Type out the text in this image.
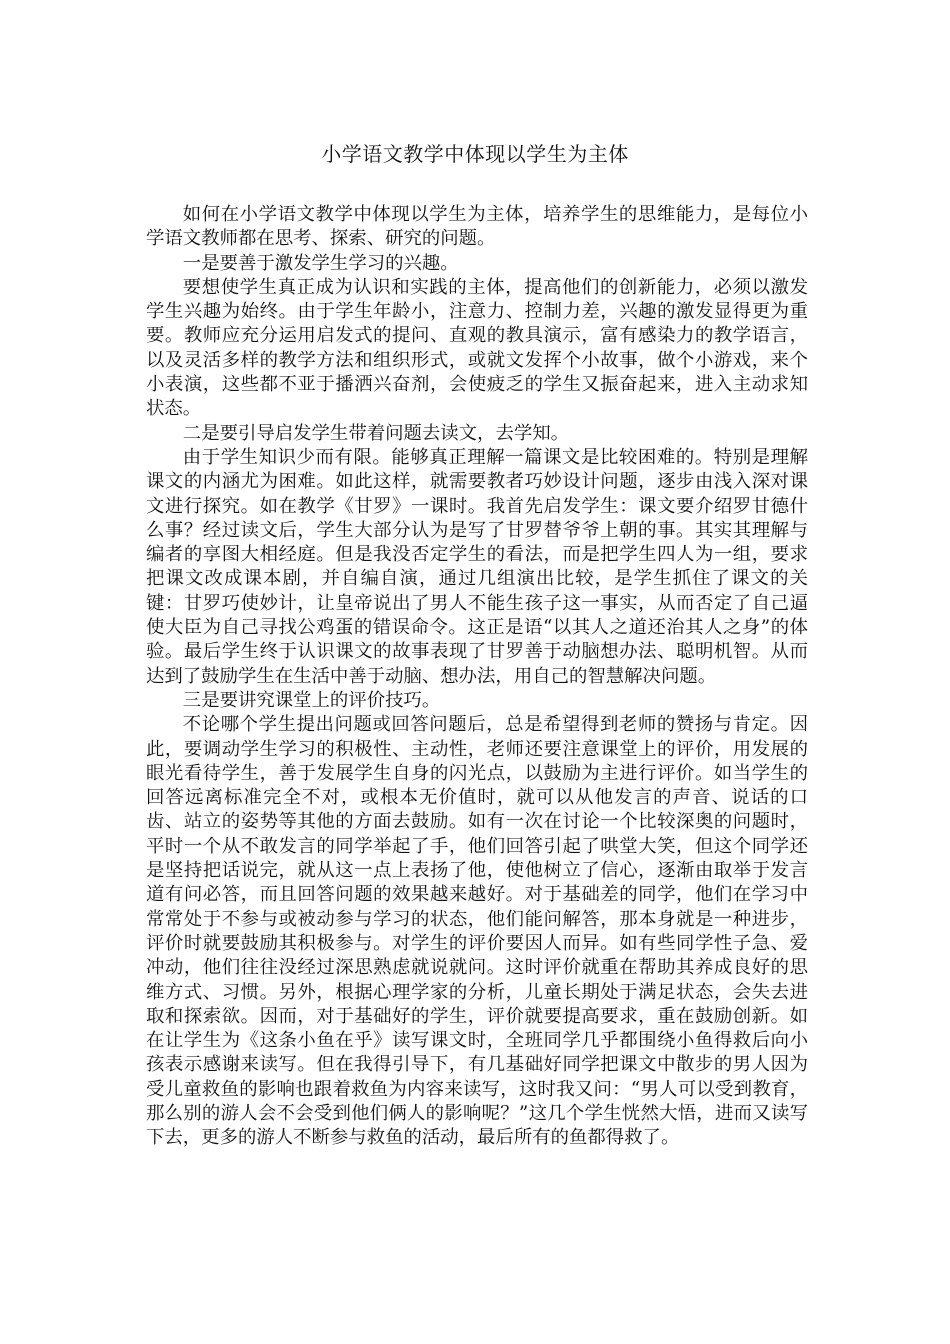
小学语文教学中体现以学生为主体

如何在小学语文教学中体现以学生为主体，培养学生的思维能力，是每位小学语文教师都在思考、探索、研究的问题。

一是要善于激发学生学习的兴趣。

要想使学生真正成为认识和实践的主体，提高他们的创新能力，必须以激发学生兴趣为始终。由于学生年龄小，注意力、控制力差，兴趣的激发显得更为重要。教师应充分运用启发式的提问、直观的教具演示，富有感染力的教学语言，以及灵活多样的教学方法和组织形式，或就文发挥个小故事，做个小游戏，来个小表演，这些都不亚于播洒兴奋剂，会使疲乏的学生又振奋起来，进入主动求知状态。

二是要引导启发学生带着问题去读文，去学知。

由于学生知识少而有限。能够真正理解一篇课文是比较困难的。特别是理解课文的内涵尤为困难。如此这样，就需要教者巧妙设计问题，逐步由浅入深对课文进行探究。如在教学《甘罗》一课时。我首先启发学生：课文要介绍罗甘德什么事？经过读文后，学生大部分认为是写了甘罗替爷爷上朝的事。其实其理解与编者的享图大相经庭。但是我没否定学生的看法，而是把学生四人为一组，要求把课文改成课本剧，并自编自演，通过几组演出比较，是学生抓住了课文的关键：甘罗巧使妙计，让皇帝说出了男人不能生孩子这一事实，从而否定了自己逼使大臣为自己寻找公鸡蛋的错误命令。这正是语“以其人之道还治其人之身”的体验。最后学生终于认识课文的故事表现了甘罗善于动脑想办法、聪明机智。从而达到了鼓励学生在生活中善于动脑、想办法，用自己的智慧解决问题。

三是要讲究课堂上的评价技巧。

不论哪个学生提出问题或回答问题后，总是希望得到老师的赞扬与肯定。因此，要调动学生学习的积极性、主动性，老师还要注意课堂上的评价，用发展的眼光看待学生，善于发展学生自身的闪光点，以鼓励为主进行评价。如当学生的回答远离标准完全不对，或根本无价值时，就可以从他发言的声音、说话的口齿、站立的姿势等其他的方面去鼓励。如有一次在讨论一个比较深奥的问题时，平时一个从不敢发言的同学举起了手，他们回答引起了哄堂大笑，但这个同学还是坚持把话说完，就从这一点上表扬了他，使他树立了信心，逐渐由取举于发言道有问必答，而且回答问题的效果越来越好。对于基础差的同学，他们在学习中常常处于不参与或被动参与学习的状态，他们能问解答，那本身就是一种进步，评价时就要鼓励其积极参与。对学生的评价要因人而异。如有些同学性子急、爱冲动，他们往往没经过深思熟虑就说就问。这时评价就重在帮助其养成良好的思维方式、习惯。另外，根据心理学家的分析，儿童长期处于满足状态，会失去进取和探索欲。因而，对于基础好的学生，评价就要提高要求，重在鼓励创新。如在让学生为《这条小鱼在乎》读写课文时，全班同学几乎都围绕小鱼得救后向小孩表示感谢来读写。但在我得引导下，有几基础好同学把课文中散步的男人因为受儿童救鱼的影响也跟着救鱼为内容来读写，这时我又问：“男人可以受到教育，那么别的游人会不会受到他们俩人的影响呢？”这几个学生恍然大悟，进而又读写下去，更多的游人不断参与救鱼的活动，最后所有的鱼都得救了。
